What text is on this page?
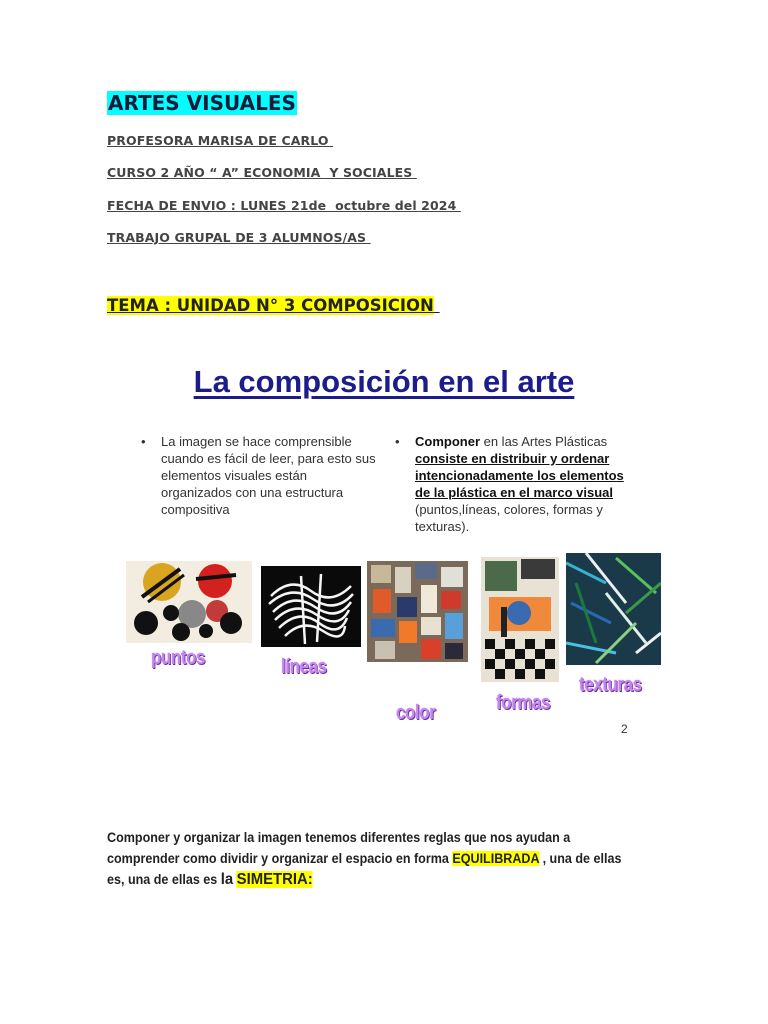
ARTES VISUALES
PROFESORA MARISA DE CARLO
CURSO 2 AÑO “ A” ECONOMIA  Y SOCIALES
FECHA DE ENVIO : LUNES 21de  octubre del 2024
TRABAJO GRUPAL DE 3 ALUMNOS/AS
TEMA : UNIDAD N° 3 COMPOSICION
La composición en el arte
• La imagen se hace comprensible cuando es fácil de leer, para esto sus elementos visuales están organizados con una estructura compositiva
• Componer en las Artes Plásticas consiste en distribuir y ordenar intencionadamente los elementos de la plástica en el marco visual (puntos,líneas, colores, formas y texturas).
puntos	líneas
color	formas
texturas
2
Componer y organizar la imagen tenemos diferentes reglas que nos ayudan a comprender como dividir y organizar el espacio en forma EQUILIBRADA , una de ellas es, una de ellas es la SIMETRIA:
